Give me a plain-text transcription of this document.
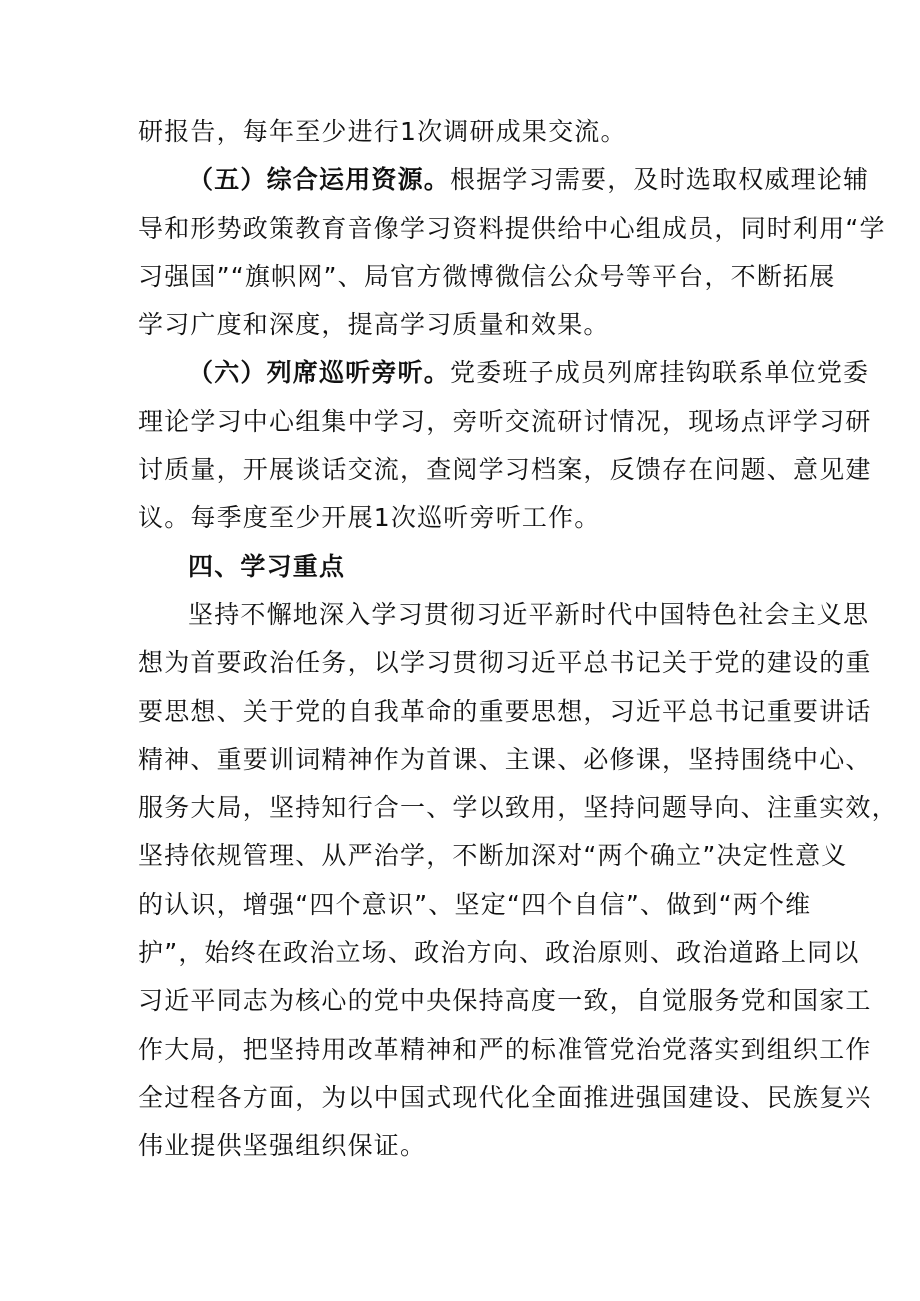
研报告，每年至少进行1次调研成果交流。
（五）综合运用资源。根据学习需要，及时选取权威理论辅
导和形势政策教育音像学习资料提供给中心组成员，同时利用“学
习强国”“旗帜网”、局官方微博微信公众号等平台，不断拓展
学习广度和深度，提高学习质量和效果。
（六）列席巡听旁听。党委班子成员列席挂钩联系单位党委
理论学习中心组集中学习，旁听交流研讨情况，现场点评学习研
讨质量，开展谈话交流，查阅学习档案，反馈存在问题、意见建
议。每季度至少开展1次巡听旁听工作。
四、学习重点
坚持不懈地深入学习贯彻习近平新时代中国特色社会主义思
想为首要政治任务，以学习贯彻习近平总书记关于党的建设的重
要思想、关于党的自我革命的重要思想，习近平总书记重要讲话
精神、重要训词精神作为首课、主课、必修课，坚持围绕中心、
服务大局，坚持知行合一、学以致用，坚持问题导向、注重实效，
坚持依规管理、从严治学，不断加深对“两个确立”决定性意义
的认识，增强“四个意识”、坚定“四个自信”、做到“两个维
护”，始终在政治立场、政治方向、政治原则、政治道路上同以
习近平同志为核心的党中央保持高度一致，自觉服务党和国家工
作大局，把坚持用改革精神和严的标准管党治党落实到组织工作
全过程各方面，为以中国式现代化全面推进强国建设、民族复兴
伟业提供坚强组织保证。
